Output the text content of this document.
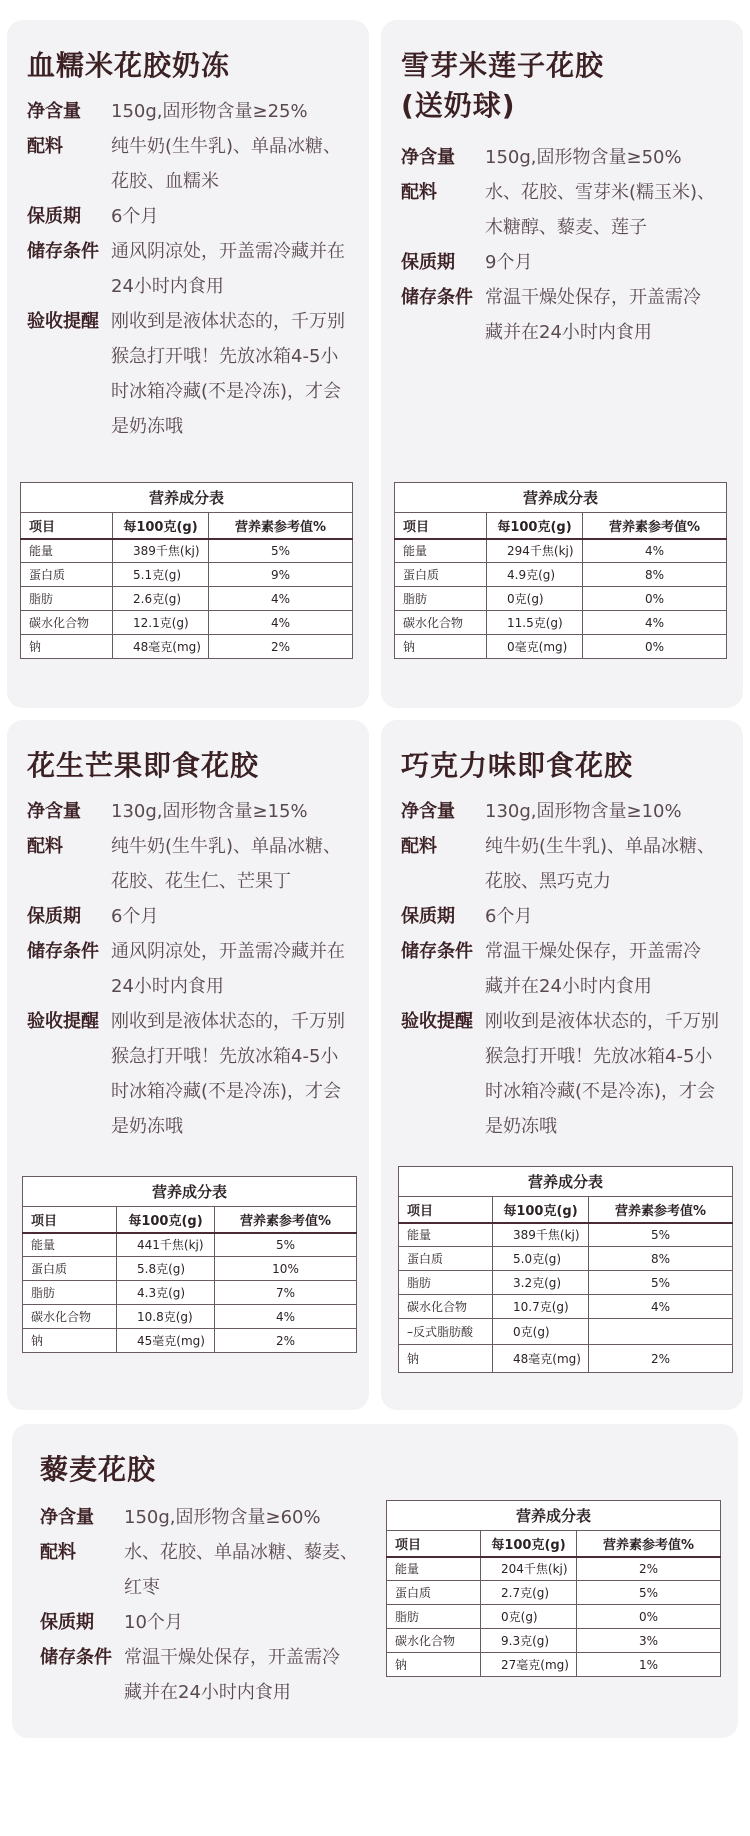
血糯米花胶奶冻
净含量	150g,固形物含量≥25%
配料	纯牛奶(生牛乳)、单晶冰糖、
花胶、血糯米
保质期	6个月
储存条件 通风阴凉处，开盖需冷藏并在
24小时内食用
验收提醒 刚收到是液体状态的，千万别
猴急打开哦！先放冰箱4-5小
时冰箱冷藏(不是冷冻)，才会
是奶冻哦
营养成分表		
项目	每100克(g)	营养素参考值%
能量	389千焦(kj)	5%
蛋白质	5.1克(g)	9%
脂肪	2.6克(g)	4%
碳水化合物	12.1克(g)	4%
钠	48毫克(mg)	2%
雪芽米莲子花胶
(送奶球)
净含量	150g,固形物含量≥50%
配料	水、花胶、雪芽米(糯玉米)、
木糖醇、藜麦、莲子
保质期	9个月
储存条件 常温干燥处保存，开盖需冷
藏并在24小时内食用
营养成分表		
项目	每100克(g)	营养素参考值%
能量	294千焦(kj)	4%
蛋白质	4.9克(g)	8%
脂肪	0克(g)	0%
碳水化合物	11.5克(g)	4%
钠	0毫克(mg)	0%
花生芒果即食花胶
净含量	130g,固形物含量≥15%
配料	纯牛奶(生牛乳)、单晶冰糖、
花胶、花生仁、芒果丁
保质期	6个月
储存条件 通风阴凉处，开盖需冷藏并在
24小时内食用
验收提醒 刚收到是液体状态的，千万别
猴急打开哦！先放冰箱4-5小
时冰箱冷藏(不是冷冻)，才会
是奶冻哦
营养成分表		
项目	每100克(g)	营养素参考值%
能量	441千焦(kj)	5%
蛋白质	5.8克(g)	10%
脂肪	4.3克(g)	7%
碳水化合物	10.8克(g)	4%
钠	45毫克(mg)	2%
巧克力味即食花胶
净含量	130g,固形物含量≥10%
配料	纯牛奶(生牛乳)、单晶冰糖、
花胶、黑巧克力
保质期	6个月
储存条件 常温干燥处保存，开盖需冷
藏并在24小时内食用
验收提醒 刚收到是液体状态的，千万别
猴急打开哦！先放冰箱4-5小
时冰箱冷藏(不是冷冻)，才会
是奶冻哦
营养成分表		
项目	每100克(g)	营养素参考值%
能量	389千焦(kj)	5%
蛋白质	5.0克(g)	8%
脂肪	3.2克(g)	5%
碳水化合物	10.7克(g)	4%
–反式脂肪酸	0克(g)	
钠	48毫克(mg)	2%
藜麦花胶
净含量	150g,固形物含量≥60%
配料	水、花胶、单晶冰糖、藜麦、
红枣
保质期	10个月
储存条件 常温干燥处保存，开盖需冷
藏并在24小时内食用
营养成分表		
项目	每100克(g)	营养素参考值%
能量	204千焦(kj)	2%
蛋白质	2.7克(g)	5%
脂肪	0克(g)	0%
碳水化合物	9.3克(g)	3%
钠	27毫克(mg)	1%
